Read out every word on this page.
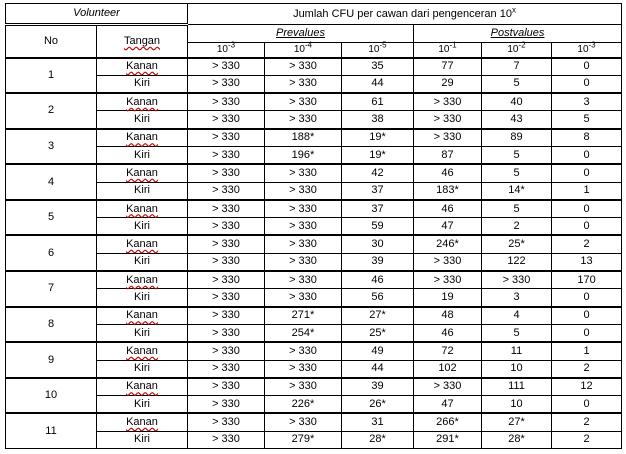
Volunteer		Jumlah CFU per cawan dari pengenceran 10$^x$
No	Tangan	Prevalues			Postvalues		
		$10^{-3}$	$10^{-4}$	$10^{-5}$	$10^{-1}$	$10^{-2}$	$10^{-3}$
1	Kanan	> 330	> 330	35	77	7	0
	Kiri	> 330	> 330	44	29	5	0
2	Kanan	> 330	> 330	61	> 330	40	3
	Kiri	> 330	> 330	38	> 330	43	5
3	Kanan	> 330	188*	19*	> 330	89	8
	Kiri	> 330	196*	19*	87	5	0
4	Kanan	> 330	> 330	42	46	5	0
	Kiri	> 330	> 330	37	183*	14*	1
5	Kanan	> 330	> 330	37	46	5	0
	Kiri	> 330	> 330	59	47	2	0
6	Kanan	> 330	> 330	30	246*	25*	2
	Kiri	> 330	> 330	39	> 330	122	13
7	Kanan	> 330	> 330	46	> 330	> 330	170
	Kiri	> 330	> 330	56	19	3	0
8	Kanan	> 330	271*	27*	48	4	0
	Kiri	> 330	254*	25*	46	5	0
9	Kanan	> 330	> 330	49	72	11	1
	Kiri	> 330	> 330	44	102	10	2
10	Kanan	> 330	> 330	39	> 330	111	12
	Kiri	> 330	226*	26*	47	10	0
11	Kanan	> 330	> 330	31	266*	27*	2
	Kiri	> 330	279*	28*	291*	28*	2
